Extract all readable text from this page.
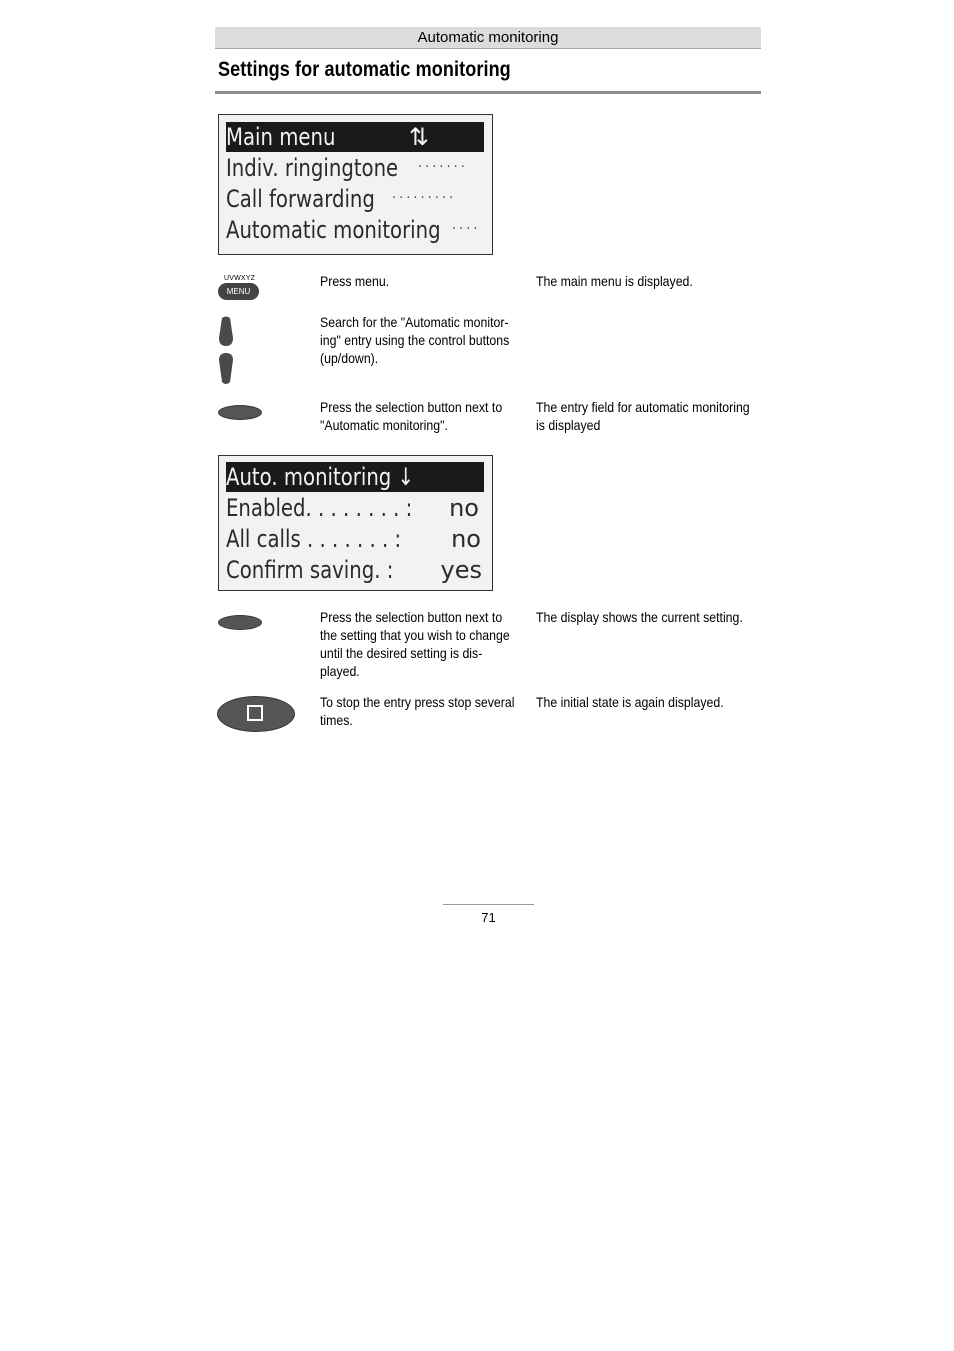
Automatic monitoring
Settings for automatic monitoring
Main menu	⇅
Indiv. ringingtone ·······
Call forwarding ·········
Automatic monitoring ····
UVWXYZ
MENU
Press menu.	The main menu is displayed.
Search for the "Automatic monitor-ing" entry using the control buttons (up/down).
Press the selection button next to "Automatic monitoring".
The entry field for automatic monitoring is displayed
Auto. monitoring ↓
Enabled. . . . . . . . : no
All calls . . . . . . . : no
Confirm saving. : yes
Press the selection button next to the setting that you wish to change until the desired setting is dis-played.
The display shows the current setting.
To stop the entry press stop several times.
The initial state is again displayed.
71
